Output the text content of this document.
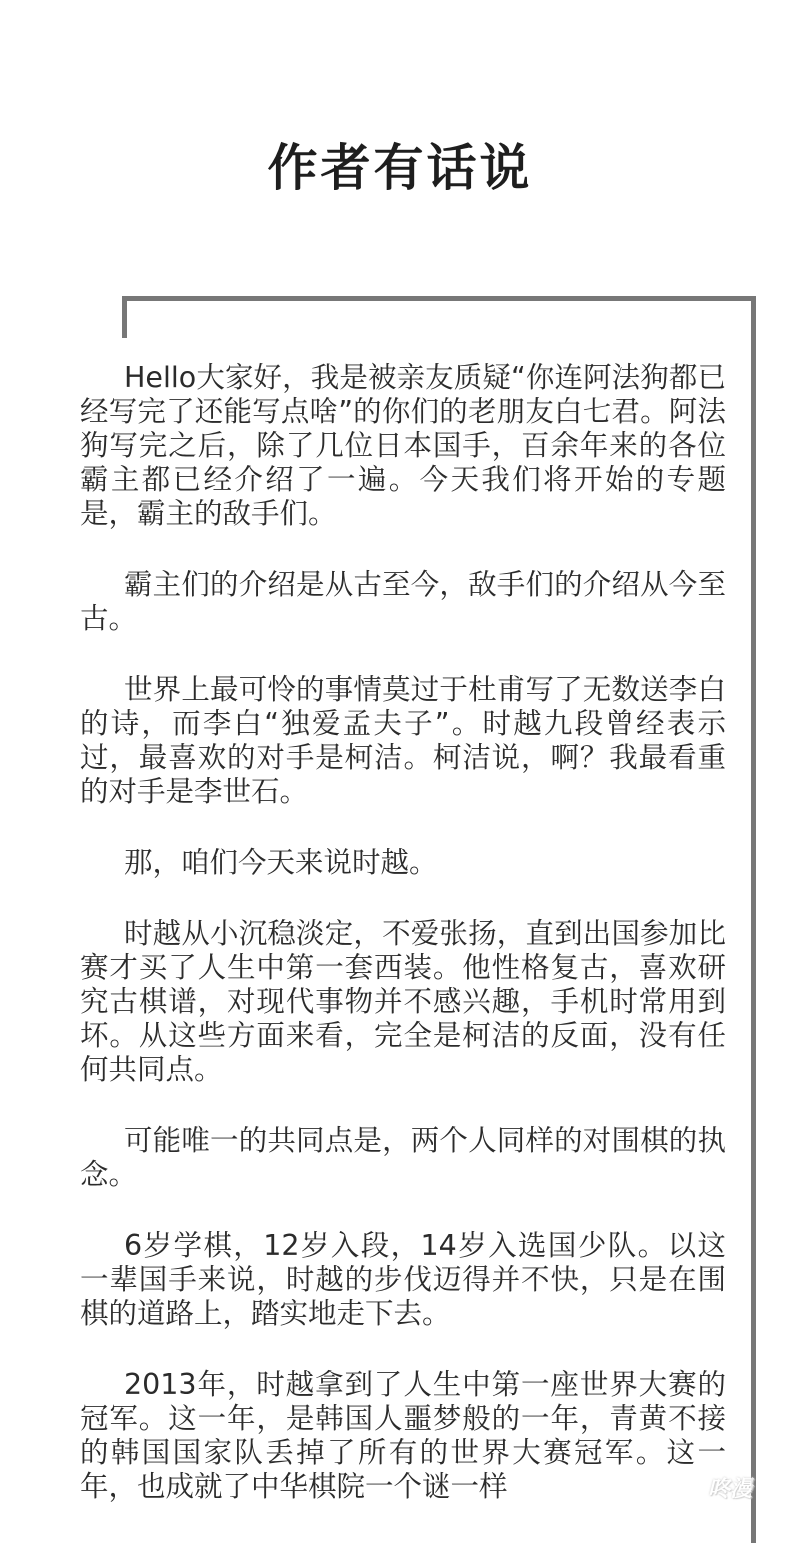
作者有话说

Hello大家好，我是被亲友质疑“你连阿法狗都已经写完了还能写点啥”的你们的老朋友白七君。阿法狗写完之后，除了几位日本国手，百余年来的各位霸主都已经介绍了一遍。今天我们将开始的专题是，霸主的敌手们。

霸主们的介绍是从古至今，敌手们的介绍从今至古。

世界上最可怜的事情莫过于杜甫写了无数送李白的诗，而李白“独爱孟夫子”。时越九段曾经表示过，最喜欢的对手是柯洁。柯洁说，啊？我最看重的对手是李世石。

那，咱们今天来说时越。

时越从小沉稳淡定，不爱张扬，直到出国参加比赛才买了人生中第一套西装。他性格复古，喜欢研究古棋谱，对现代事物并不感兴趣，手机时常用到坏。从这些方面来看，完全是柯洁的反面，没有任何共同点。

可能唯一的共同点是，两个人同样的对围棋的执念。

6岁学棋，12岁入段，14岁入选国少队。以这一辈国手来说，时越的步伐迈得并不快，只是在围棋的道路上，踏实地走下去。

2013年，时越拿到了人生中第一座世界大赛的冠军。这一年，是韩国人噩梦般的一年，青黄不接的韩国国家队丢掉了所有的世界大赛冠军。这一年，也成就了中华棋院一个谜一样	咚漫
